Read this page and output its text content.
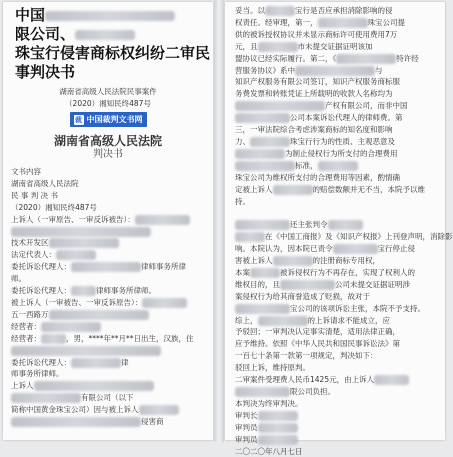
中国
限公司、
珠宝行侵害商标权纠纷二审民
事判决书
湖南省高级人民法院民事案件
（2020）湘知民终487号
裁 中国裁判文书网
湖南省高级人民法院
判决书
文书内容
湖南省高级人民法院
民 事 判 决 书
（2020）湘知民终487号
上诉人（一审原告、一审反诉被告）：
技术开发区
法定代表人：
委托诉讼代理人：	律师事务所律
师。
委托诉讼代理人：	律师事务所律师。
被上诉人（一审被告、一审反诉原告）：
五一西路万
经营者：
经营者：	，男，****年**月**日出生，汉族，住
委托诉讼代理人：	律
师事务所律师。
上诉人
有限公司（以下
简称中国黄金珠宝公司）因与被上诉人
侵害商
妥当。以	宝行是否应承担消除影响的侵
权责任。经审理，第一，	珠宝公司提
供的被诉授权协议并未显示商标许可使用费用7万
元，且	市未提交证据证明该加
盟协议已经实际履行。第二，《	特许经
营服务协议》系中	与
知识产权服务有限公司签订，知识产权服务商标服
务费发票和转账凭证上所载明的收款人名称均为
产权有限公司，而非中国
公司本案诉讼代理人的律师费。第
三，一审法院综合考虑涉案商标的知名度和影响
力、	珠宝行行为的性质、主观恶意及
为制止侵权行为所支付的合理费用
标准，
珠宝公司为维权所支付的合理费用等因素，酌情确
定被上诉人	的赔偿数额并无不当，本院予以维
持。

还主张判令
在《中国工商报》及《知识产权报》上刊登声明，消除影
响。本院认为，因本院已责令	宝行停止侵
害被上诉人	的注册商标专用权，
本案	被诉侵权行为不再存在，实现了权利人的
维权目的，且	公司未提交证据证明涉
案侵权行为给其商誉造成了贬损，故对于
宝公司的该项诉讼主张，本院不予支持。
综上，	的上诉请求不能成立，应
予驳回；一审判决认定事实清楚，适用法律正确，
应予维持。依照《中华人民共和国民事诉讼法》第
一百七十条第一款第一项规定，判决如下：
驳回上诉，维持原判。
二审案件受理费人民币1425元，由上诉人
限公司负担。
本判决为终审判决。
审判长
审判员
审判员
二〇二〇年八月七日
